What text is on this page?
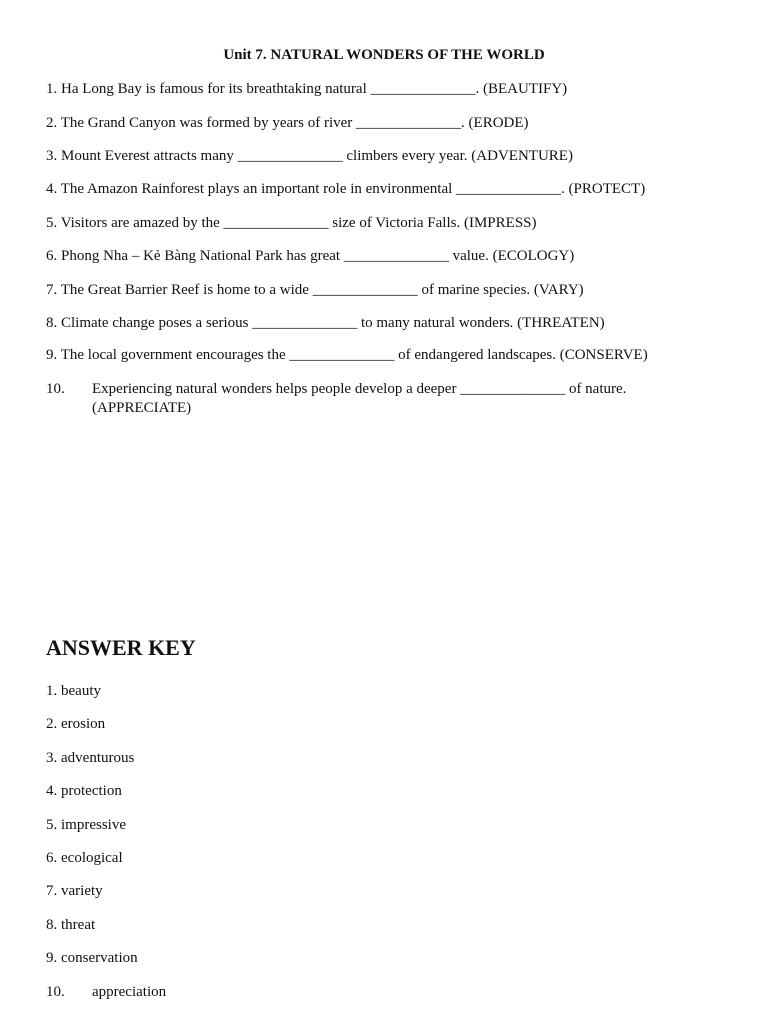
Unit 7. NATURAL WONDERS OF THE WORLD
1. Ha Long Bay is famous for its breathtaking natural ______________. (BEAUTIFY)
2. The Grand Canyon was formed by years of river ______________. (ERODE)
3. Mount Everest attracts many ______________ climbers every year. (ADVENTURE)
4. The Amazon Rainforest plays an important role in environmental ______________. (PROTECT)
5. Visitors are amazed by the ______________ size of Victoria Falls. (IMPRESS)
6. Phong Nha – Kẻ Bàng National Park has great ______________ value. (ECOLOGY)
7. The Great Barrier Reef is home to a wide ______________ of marine species. (VARY)
8. Climate change poses a serious ______________ to many natural wonders. (THREATEN)
9. The local government encourages the ______________ of endangered landscapes. (CONSERVE)
10. Experiencing natural wonders helps people develop a deeper ______________ of nature. (APPRECIATE)
ANSWER KEY
1. beauty
2. erosion
3. adventurous
4. protection
5. impressive
6. ecological
7. variety
8. threat
9. conservation
10. appreciation
